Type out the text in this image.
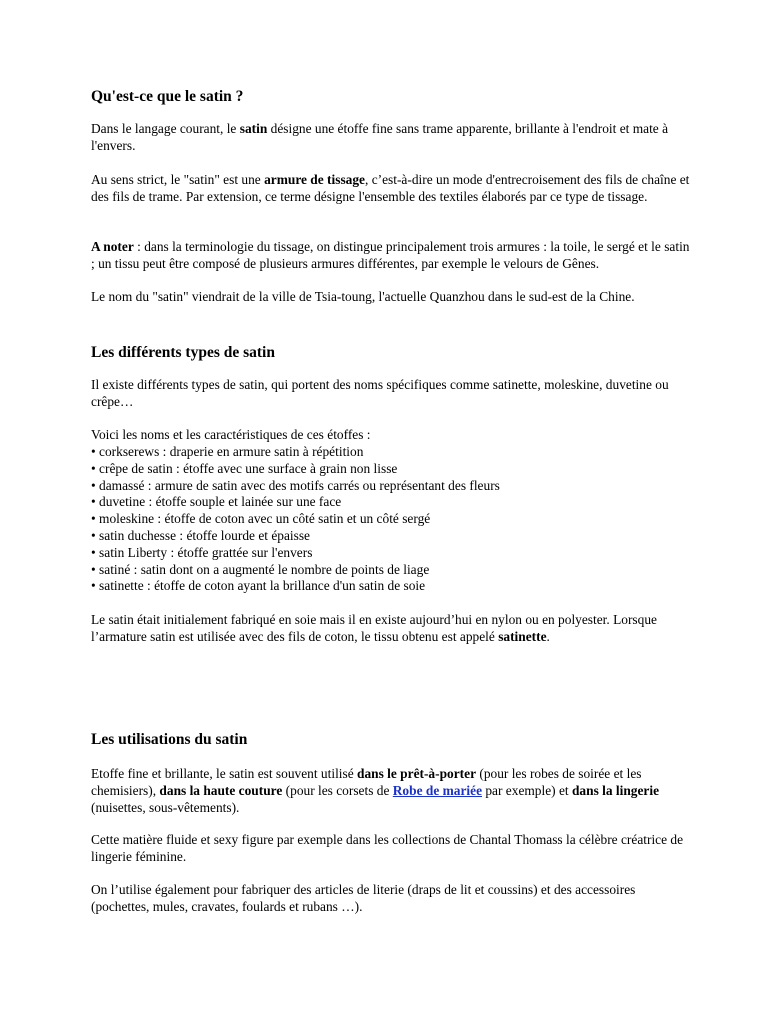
Qu'est-ce que le satin ?

Dans le langage courant, le satin désigne une étoffe fine sans trame apparente, brillante à l'endroit et mate à l'envers.

Au sens strict, le "satin" est une armure de tissage, c’est-à-dire un mode d'entrecroisement des fils de chaîne et des fils de trame. Par extension, ce terme désigne l'ensemble des textiles élaborés par ce type de tissage.

A noter : dans la terminologie du tissage, on distingue principalement trois armures : la toile, le sergé et le satin ; un tissu peut être composé de plusieurs armures différentes, par exemple le velours de Gênes.

Le nom du "satin" viendrait de la ville de Tsia-toung, l'actuelle Quanzhou dans le sud-est de la Chine.

Les différents types de satin

Il existe différents types de satin, qui portent des noms spécifiques comme satinette, moleskine, duvetine ou crêpe…

Voici les noms et les caractéristiques de ces étoffes :

• corkserews : draperie en armure satin à répétition
• crêpe de satin : étoffe avec une surface à grain non lisse
• damassé : armure de satin avec des motifs carrés ou représentant des fleurs
• duvetine : étoffe souple et lainée sur une face
• moleskine : étoffe de coton avec un côté satin et un côté sergé
• satin duchesse : étoffe lourde et épaisse
• satin Liberty : étoffe grattée sur l'envers
• satiné : satin dont on a augmenté le nombre de points de liage
• satinette : étoffe de coton ayant la brillance d'un satin de soie

Le satin était initialement fabriqué en soie mais il en existe aujourd’hui en nylon ou en polyester. Lorsque l’armature satin est utilisée avec des fils de coton, le tissu obtenu est appelé satinette.

Les utilisations du satin

Etoffe fine et brillante, le satin est souvent utilisé dans le prêt-à-porter (pour les robes de soirée et les chemisiers), dans la haute couture (pour les corsets de Robe de mariée par exemple) et dans la lingerie (nuisettes, sous-vêtements).

Cette matière fluide et sexy figure par exemple dans les collections de Chantal Thomass la célèbre créatrice de lingerie féminine.

On l’utilise également pour fabriquer des articles de literie (draps de lit et coussins) et des accessoires (pochettes, mules, cravates, foulards et rubans …).
